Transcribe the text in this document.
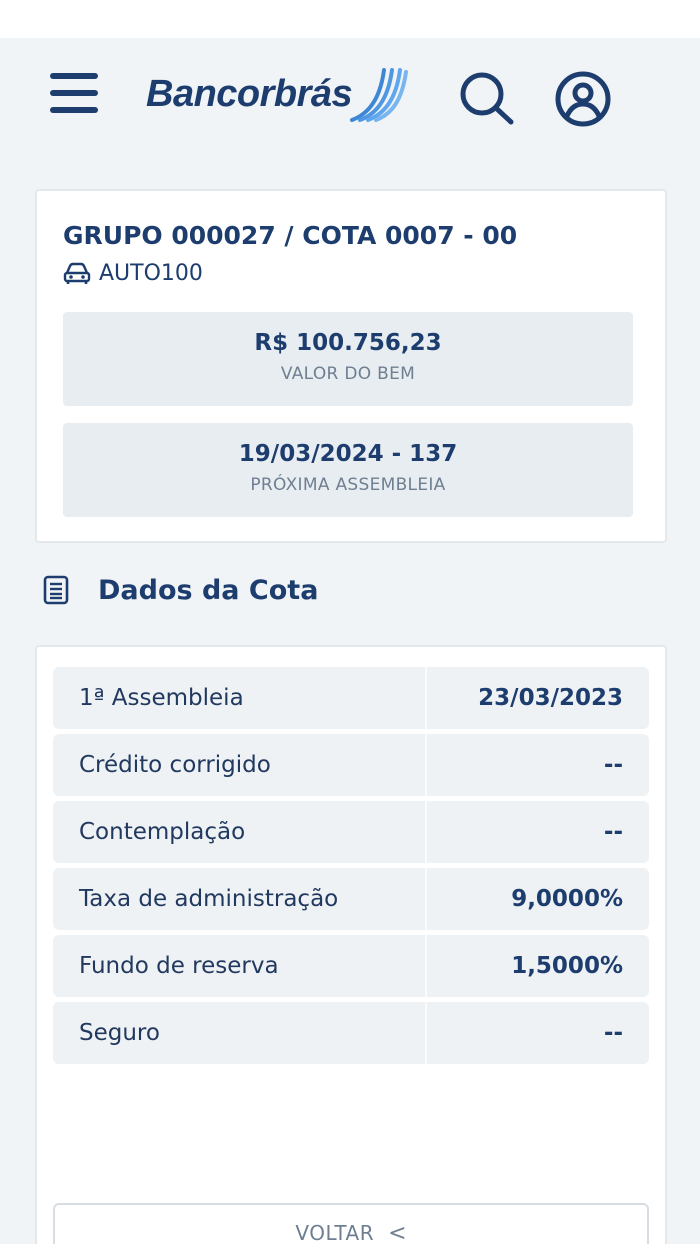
Bancorbrás
GRUPO 000027 / COTA 0007 - 00
AUTO100
R$ 100.756,23
VALOR DO BEM
19/03/2024 - 137
PRÓXIMA ASSEMBLEIA
Dados da Cota
1ª Assembleia	23/03/2023
Crédito corrigido	--
Contemplação	--
Taxa de administração	9,0000%
Fundo de reserva	1,5000%
Seguro	--
VOLTAR <
